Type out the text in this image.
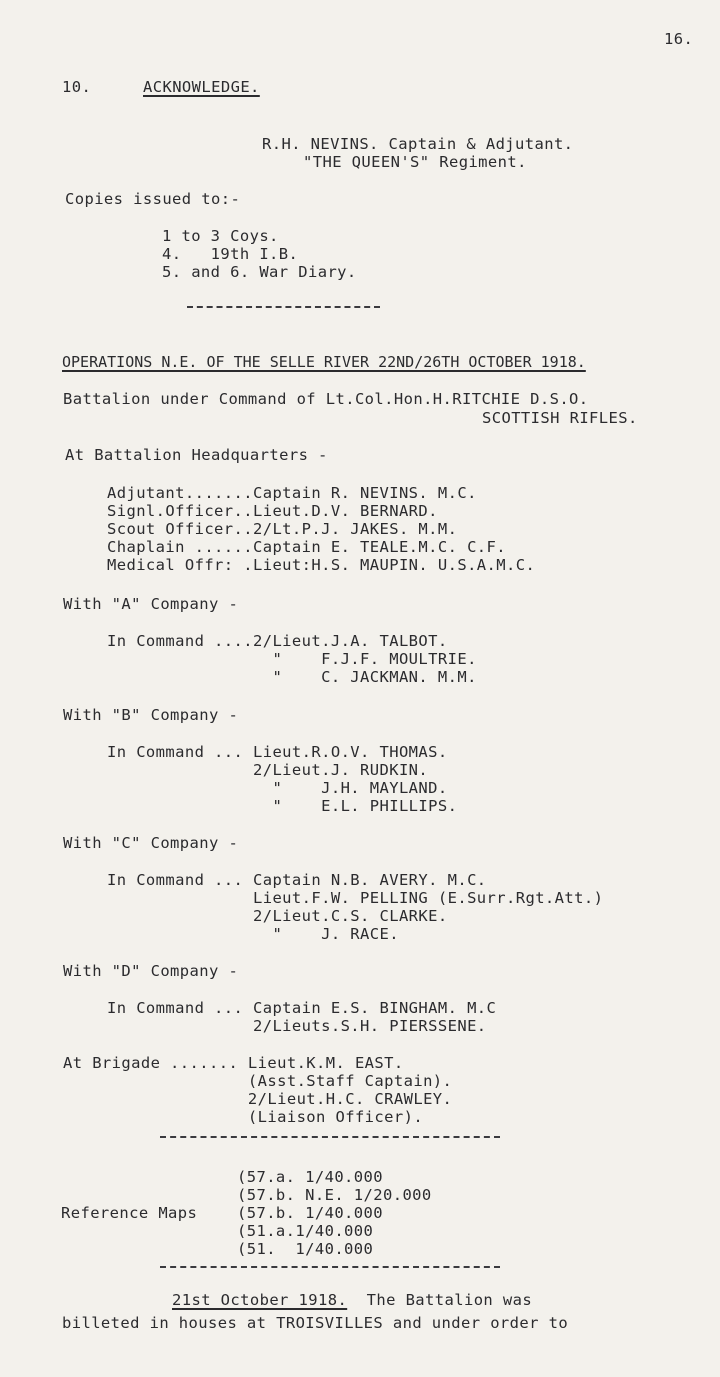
16.
10.	ACKNOWLEDGE.
R.H. NEVINS. Captain & Adjutant.
"THE QUEEN'S" Regiment.
Copies issued to:-
1 to 3 Coys.
4.   19th I.B.
5. and 6. War Diary.
OPERATIONS N.E. OF THE SELLE RIVER 22ND/26TH OCTOBER 1918.
Battalion under Command of Lt.Col.Hon.H.RITCHIE D.S.O.
SCOTTISH RIFLES.
At Battalion Headquarters -
Adjutant.......Captain R. NEVINS. M.C.
Signl.Officer..Lieut.D.V. BERNARD.
Scout Officer..2/Lt.P.J. JAKES. M.M.
Chaplain ......Captain E. TEALE.M.C. C.F.
Medical Offr: .Lieut:H.S. MAUPIN. U.S.A.M.C.
With "A" Company -
In Command ....2/Lieut.J.A. TALBOT.
"    F.J.F. MOULTRIE.
"    C. JACKMAN. M.M.
With "B" Company -
In Command ... Lieut.R.O.V. THOMAS.
2/Lieut.J. RUDKIN.
"    J.H. MAYLAND.
"    E.L. PHILLIPS.
With "C" Company -
In Command ... Captain N.B. AVERY. M.C.
Lieut.F.W. PELLING (E.Surr.Rgt.Att.)
2/Lieut.C.S. CLARKE.
"    J. RACE.
With "D" Company -
In Command ... Captain E.S. BINGHAM. M.C
2/Lieuts.S.H. PIERSSENE.
At Brigade ....... Lieut.K.M. EAST.
(Asst.Staff Captain).
2/Lieut.H.C. CRAWLEY.
(Liaison Officer).
(57.a. 1/40.000
(57.b. N.E. 1/20.000
Reference Maps	(57.b. 1/40.000
(51.a.1/40.000
(51.  1/40.000
21st October 1918.  The Battalion was
billeted in houses at TROISVILLES and under order to
